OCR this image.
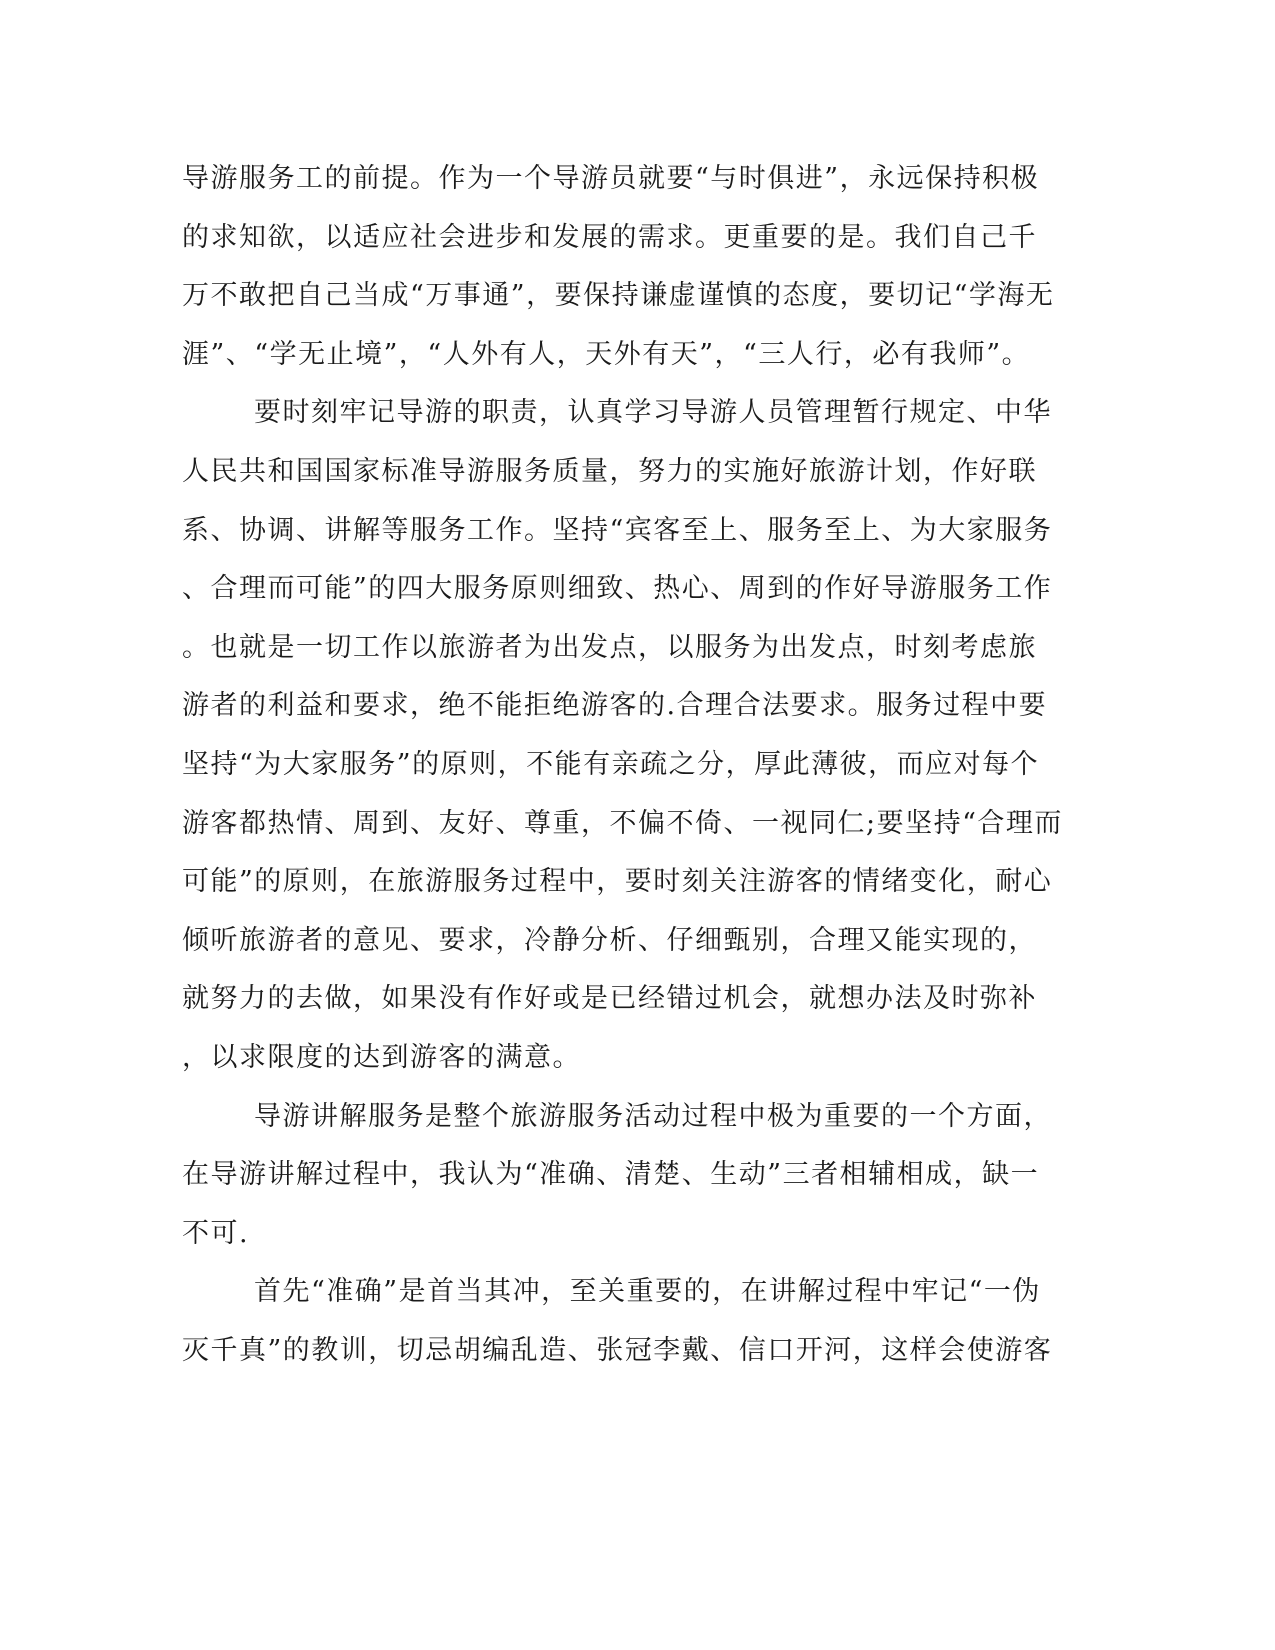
导游服务工的前提。作为一个导游员就要“与时俱进”，永远保持积极
的求知欲，以适应社会进步和发展的需求。更重要的是。我们自己千
万不敢把自己当成“万事通”，要保持谦虚谨慎的态度，要切记“学海无
涯”、“学无止境”，“人外有人，天外有天”，“三人行，必有我师”。
要时刻牢记导游的职责，认真学习导游人员管理暂行规定、中华
人民共和国国家标准导游服务质量，努力的实施好旅游计划，作好联
系、协调、讲解等服务工作。坚持“宾客至上、服务至上、为大家服务
、合理而可能”的四大服务原则细致、热心、周到的作好导游服务工作
。也就是一切工作以旅游者为出发点，以服务为出发点，时刻考虑旅
游者的利益和要求，绝不能拒绝游客的.合理合法要求。服务过程中要
坚持“为大家服务”的原则，不能有亲疏之分，厚此薄彼，而应对每个
游客都热情、周到、友好、尊重，不偏不倚、一视同仁;要坚持“合理而
可能”的原则，在旅游服务过程中，要时刻关注游客的情绪变化，耐心
倾听旅游者的意见、要求，冷静分析、仔细甄别，合理又能实现的，
就努力的去做，如果没有作好或是已经错过机会，就想办法及时弥补
，以求限度的达到游客的满意。
导游讲解服务是整个旅游服务活动过程中极为重要的一个方面，
在导游讲解过程中，我认为“准确、清楚、生动”三者相辅相成，缺一
不可.
首先“准确”是首当其冲，至关重要的，在讲解过程中牢记“一伪
灭千真”的教训，切忌胡编乱造、张冠李戴、信口开河，这样会使游客
